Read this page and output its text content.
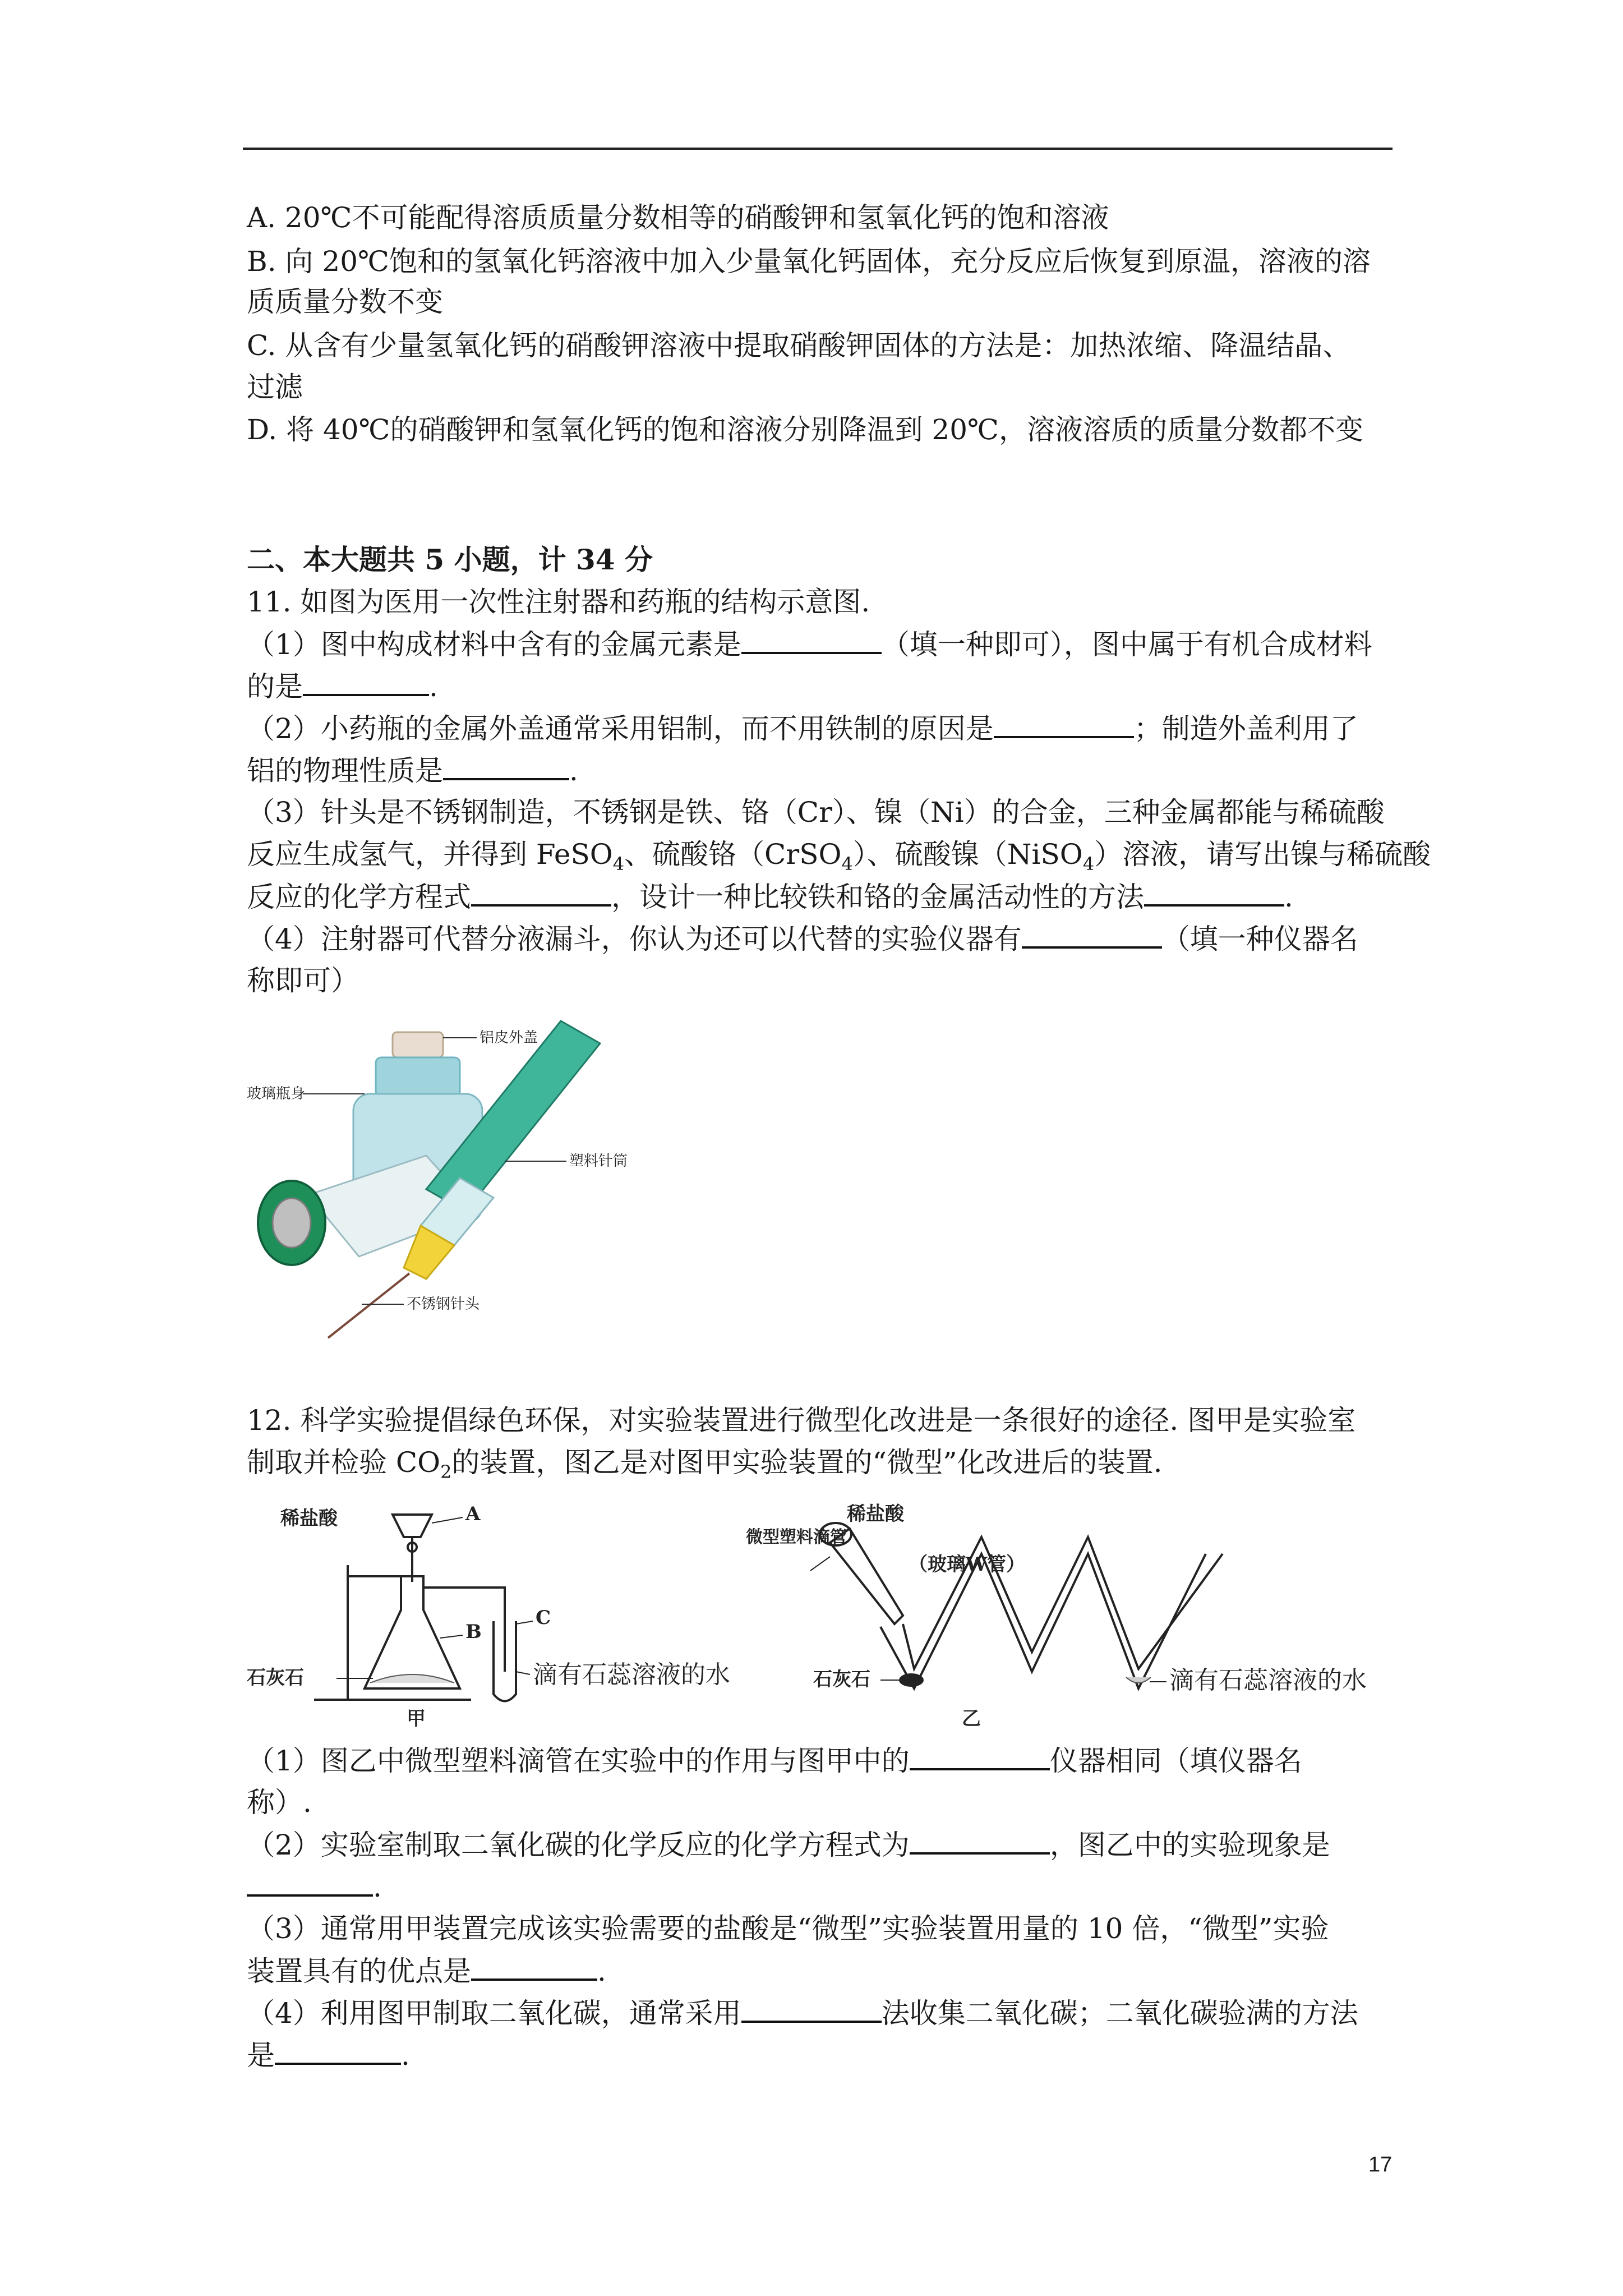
A. 20℃不可能配得溶质质量分数相等的硝酸钾和氢氧化钙的饱和溶液
B. 向 20℃饱和的氢氧化钙溶液中加入少量氧化钙固体，充分反应后恢复到原温，溶液的溶
质质量分数不变
C. 从含有少量氢氧化钙的硝酸钾溶液中提取硝酸钾固体的方法是：加热浓缩、降温结晶、
过滤
D. 将 40℃的硝酸钾和氢氧化钙的饱和溶液分别降温到 20℃，溶液溶质的质量分数都不变
二、本大题共 5 小题，计 34 分
11. 如图为医用一次性注射器和药瓶的结构示意图.
（1）图中构成材料中含有的金属元素是	（填一种即可），图中属于有机合成材料
的是	.
（2）小药瓶的金属外盖通常采用铝制，而不用铁制的原因是	；制造外盖利用了
铝的物理性质是	.
（3）针头是不锈钢制造，不锈钢是铁、铬（Cr）、镍（Ni）的合金，三种金属都能与稀硫酸
反应生成氢气，并得到 FeSO$_4$、硫酸铬（CrSO$_4$）、硫酸镍（NiSO$_4$）溶液，请写出镍与稀硫酸
反应的化学方程式	，设计一种比较铁和铬的金属活动性的方法	.
（4）注射器可代替分液漏斗，你认为还可以代替的实验仪器有	（填一种仪器名
称即可）
铝皮外盖
玻璃瓶身
塑料针筒
不锈钢针头
12. 科学实验提倡绿色环保，对实验装置进行微型化改进是一条很好的途径. 图甲是实验室
制取并检验 $CO_2$的装置，图乙是对图甲实验装置的“微型”化改进后的装置.
稀盐酸	A
B
C
石灰石	滴有石蕊溶液的水
甲
稀盐酸
微型塑料滴管
（玻璃W管）
石灰石	滴有石蕊溶液的水
乙
（1）图乙中微型塑料滴管在实验中的作用与图甲中的	仪器相同（填仪器名
称）.
（2）实验室制取二氧化碳的化学反应的化学方程式为	，图乙中的实验现象是
.
（3）通常用甲装置完成该实验需要的盐酸是“微型”实验装置用量的 10 倍，“微型”实验
装置具有的优点是	.
（4）利用图甲制取二氧化碳，通常采用	法收集二氧化碳；二氧化碳验满的方法
是	.
17
